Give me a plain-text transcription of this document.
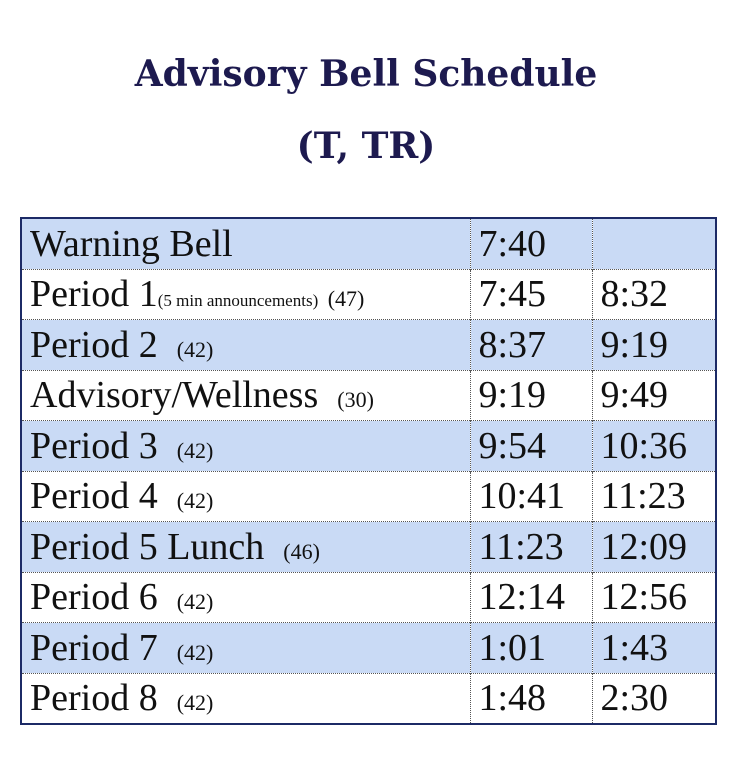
Advisory Bell Schedule
(T, TR)
Warning Bell	7:40	
Period 1(5 min announcements) (47)	7:45	8:32
Period 2 (42)	8:37	9:19
Advisory/Wellness (30)	9:19	9:49
Period 3 (42)	9:54	10:36
Period 4 (42)	10:41	11:23
Period 5 Lunch (46)	11:23	12:09
Period 6 (42)	12:14	12:56
Period 7 (42)	1:01	1:43
Period 8 (42)	1:48	2:30
